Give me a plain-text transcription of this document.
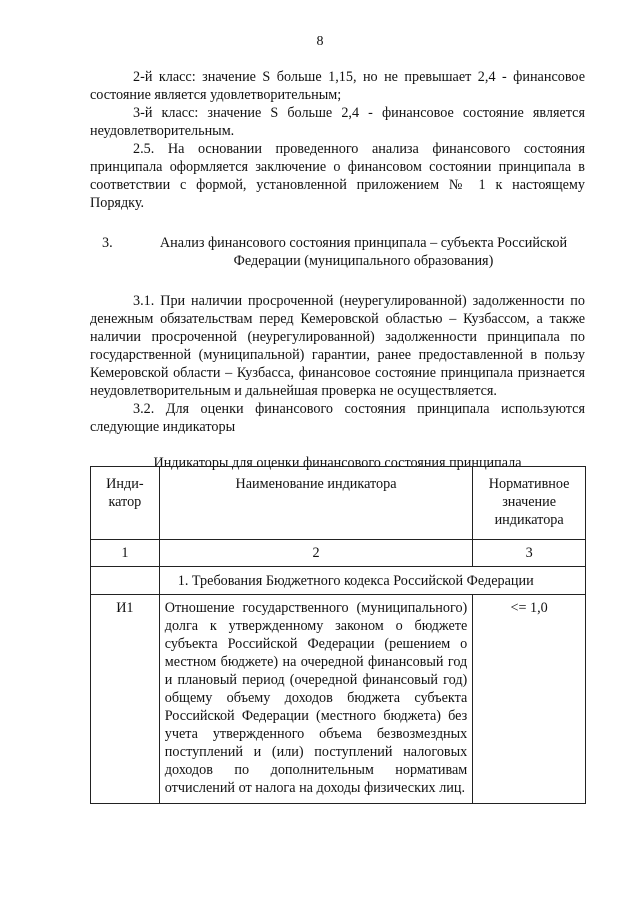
8

2-й класс: значение S больше 1,15, но не превышает 2,4 - финансовое состояние является удовлетворительным;

3-й класс: значение S больше 2,4 - финансовое состояние является неудовлетворительным.

2.5. На основании проведенного анализа финансового состояния принципала оформляется заключение о финансовом состоянии принципала в соответствии с формой, установленной приложением № 1 к настоящему Порядку.

3.	Анализ финансового состояния принципала – субъекта Российской Федерации (муниципального образования)

3.1. При наличии просроченной (неурегулированной) задолженности по денежным обязательствам перед Кемеровской областью – Кузбассом, а также наличии просроченной (неурегулированной) задолженности принципала по государственной (муниципальной) гарантии, ранее предоставленной в пользу Кемеровской области – Кузбасса, финансовое состояние принципала признается неудовлетворительным и дальнейшая проверка не осуществляется.

3.2. Для оценки финансового состояния принципала используются следующие индикаторы

Индикаторы для оценки финансового состояния принципала

Инди-катор	Наименование индикатора	Нормативное значение индикатора
1	2	3
	1. Требования Бюджетного кодекса Российской Федерации	
И1	Отношение государственного (муниципального) долга к утвержденному законом о бюджете субъекта Российской Федерации (решением о местном бюджете) на очередной финансовый год и плановый период (очередной финансовый год) общему объему доходов бюджета субъекта Российской Федерации (местного бюджета) без учета утвержденного объема безвозмездных поступлений и (или) поступлений налоговых доходов по дополнительным нормативам отчислений от налога на доходы физических лиц.	<= 1,0
